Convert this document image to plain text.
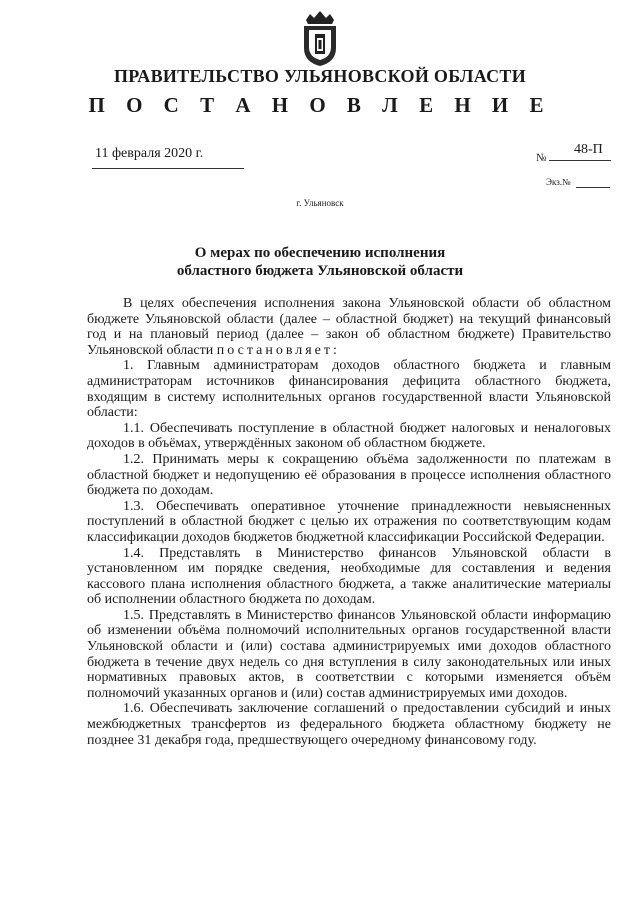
ПРАВИТЕЛЬСТВО УЛЬЯНОВСКОЙ ОБЛАСТИ
П О С Т А Н О В Л Е Н И Е
11 февраля 2020 г.	№
48-П
Экз.№
г. Ульяновск
О мерах по обеспечению исполнения
областного бюджета Ульяновской области

В целях обеспечения исполнения закона Ульяновской области об областном бюджете Ульяновской области (далее – областной бюджет) на текущий финансовый год и на плановый период (далее – закон об областном бюджете) Правительство Ульяновской области постановляет:

1. Главным администраторам доходов областного бюджета и главным администраторам источников финансирования дефицита областного бюджета, входящим в систему исполнительных органов государственной власти Ульяновской области:

1.1. Обеспечивать поступление в областной бюджет налоговых и неналоговых доходов в объёмах, утверждённых законом об областном бюджете.

1.2. Принимать меры к сокращению объёма задолженности по платежам в областной бюджет и недопущению её образования в процессе исполнения областного бюджета по доходам.

1.3. Обеспечивать оперативное уточнение принадлежности невыясненных поступлений в областной бюджет с целью их отражения по соответствующим кодам классификации доходов бюджетов бюджетной классификации Российской Федерации.

1.4. Представлять в Министерство финансов Ульяновской области в установленном им порядке сведения, необходимые для составления и ведения кассового плана исполнения областного бюджета, а также аналитические материалы об исполнении областного бюджета по доходам.

1.5. Представлять в Министерство финансов Ульяновской области информацию об изменении объёма полномочий исполнительных органов государственной власти Ульяновской области и (или) состава администрируемых ими доходов областного бюджета в течение двух недель со дня вступления в силу законодательных или иных нормативных правовых актов, в соответствии с которыми изменяется объём полномочий указанных органов и (или) состав администрируемых ими доходов.

1.6. Обеспечивать заключение соглашений о предоставлении субсидий и иных межбюджетных трансфертов из федерального бюджета областному бюджету не позднее 31 декабря года, предшествующего очередному финансовому году.
